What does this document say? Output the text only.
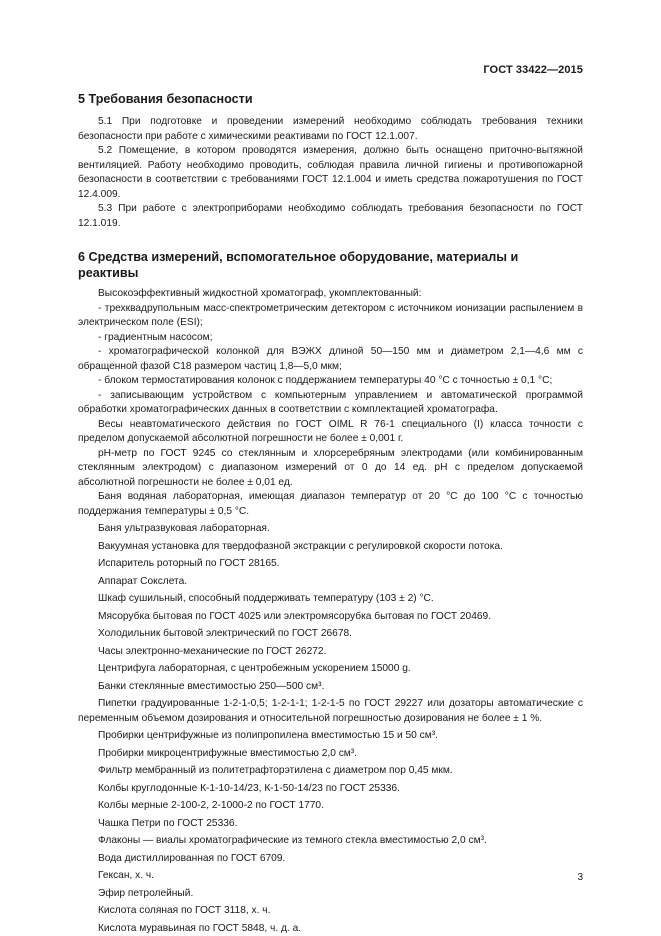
ГОСТ 33422—2015
5 Требования безопасности
5.1 При подготовке и проведении измерений необходимо соблюдать требования техники безопасности при работе с химическими реактивами по ГОСТ 12.1.007.
5.2 Помещение, в котором проводятся измерения, должно быть оснащено приточно-вытяжной вентиляцией. Работу необходимо проводить, соблюдая правила личной гигиены и противопожарной безопасности в соответствии с требованиями ГОСТ 12.1.004 и иметь средства пожаротушения по ГОСТ 12.4.009.
5.3 При работе с электроприборами необходимо соблюдать требования безопасности по ГОСТ 12.1.019.
6 Средства измерений, вспомогательное оборудование, материалы и
реактивы
Высокоэффективный жидкостной хроматограф, укомплектованный:
- трехквадрупольным масс-спектрометрическим детектором с источником ионизации распылением в электрическом поле (ESI);
- градиентным насосом;
- хроматографической колонкой для ВЭЖХ длиной 50—150 мм и диаметром 2,1—4,6 мм с обращенной фазой С18 размером частиц 1,8—5,0 мкм;
- блоком термостатирования колонок с поддержанием температуры 40 °С с точностью ± 0,1 °С;
- записывающим устройством с компьютерным управлением и автоматической программой обработки хроматографических данных в соответствии с комплектацией хроматографа.
Весы неавтоматического действия по ГОСТ OIML R 76-1 специального (I) класса точности с пределом допускаемой абсолютной погрешности не более ± 0,001 г.
рН-метр по ГОСТ 9245 со стеклянным и хлорсеребряным электродами (или комбинированным стеклянным электродом) с диапазоном измерений от 0 до 14 ед. рН с пределом допускаемой абсолютной погрешности не более ± 0,01 ед.
Баня водяная лабораторная, имеющая диапазон температур от 20 °С до 100 °С с точностью поддержания температуры ± 0,5 °С.
Баня ультразвуковая лабораторная.
Вакуумная установка для твердофазной экстракции с регулировкой скорости потока.
Испаритель роторный по ГОСТ 28165.
Аппарат Сокслета.
Шкаф сушильный, способный поддерживать температуру (103 ± 2) °С.
Мясорубка бытовая по ГОСТ 4025 или электромясорубка бытовая по ГОСТ 20469.
Холодильник бытовой электрический по ГОСТ 26678.
Часы электронно-механические по ГОСТ 26272.
Центрифуга лабораторная, с центробежным ускорением 15000 g.
Банки стеклянные вместимостью 250—500 см³.
Пипетки градуированные 1-2-1-0,5; 1-2-1-1; 1-2-1-5 по ГОСТ 29227 или дозаторы автоматические с переменным объемом дозирования и относительной погрешностью дозирования не более ± 1 %.
Пробирки центрифужные из полипропилена вместимостью 15 и 50 см³.
Пробирки микроцентрифужные вместимостью 2,0 см³.
Фильтр мембранный из политетрафторэтилена с диаметром пор 0,45 мкм.
Колбы круглодонные К-1-10-14/23, К-1-50-14/23 по ГОСТ 25336.
Колбы мерные 2-100-2, 2-1000-2 по ГОСТ 1770.
Чашка Петри по ГОСТ 25336.
Флаконы — виалы хроматографические из темного стекла вместимостью 2,0 см³.
Вода дистиллированная по ГОСТ 6709.
Гексан, х. ч.
Эфир петролейный.
Кислота соляная по ГОСТ 3118, х. ч.
Кислота муравьиная по ГОСТ 5848, ч. д. а.
3
